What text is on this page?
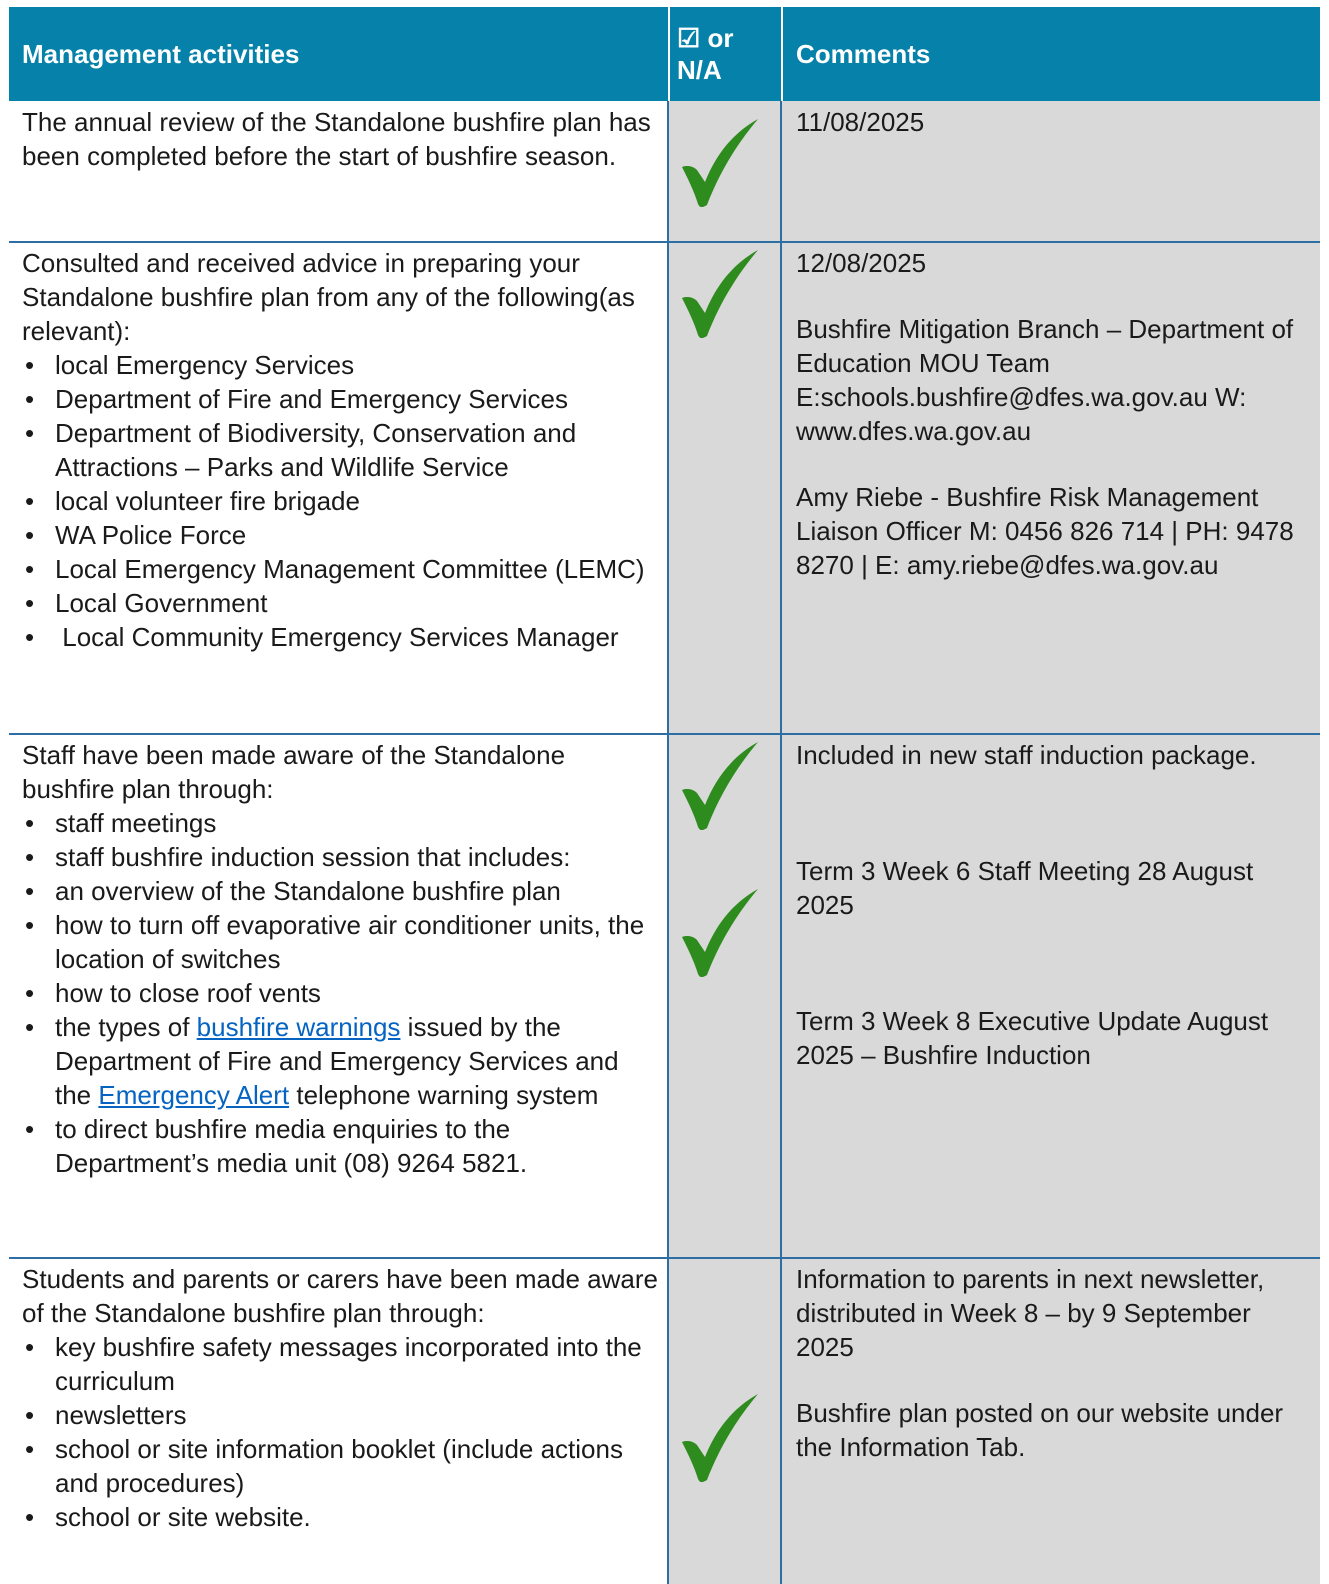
Management activities
☑ or
N/A
Comments

The annual review of the Standalone bushfire plan has been completed before the start of bushfire season.

11/08/2025

Consulted and received advice in preparing your Standalone bushfire plan from any of the following(as relevant):

• local Emergency Services
• Department of Fire and Emergency Services
• Department of Biodiversity, Conservation and Attractions – Parks and Wildlife Service
• local volunteer fire brigade
• WA Police Force
• Local Emergency Management Committee (LEMC)
• Local Government
•  Local Community Emergency Services Manager

12/08/2025

Bushfire Mitigation Branch – Department of Education MOU Team E:schools.bushfire@dfes.wa.gov.au W: www.dfes.wa.gov.au

Amy Riebe - Bushfire Risk Management Liaison Officer M: 0456 826 714 | PH: 9478 8270 | E: amy.riebe@dfes.wa.gov.au

Staff have been made aware of the Standalone bushfire plan through:

• staff meetings
• staff bushfire induction session that includes:
• an overview of the Standalone bushfire plan
• how to turn off evaporative air conditioner units, the location of switches
• how to close roof vents
• the types of bushfire warnings issued by the Department of Fire and Emergency Services and the Emergency Alert telephone warning system
• to direct bushfire media enquiries to the Department’s media unit (08) 9264 5821.

Included in new staff induction package.

Term 3 Week 6 Staff Meeting 28 August 2025

Term 3 Week 8 Executive Update August 2025 – Bushfire Induction

Students and parents or carers have been made aware of the Standalone bushfire plan through:

• key bushfire safety messages incorporated into the curriculum
• newsletters
• school or site information booklet (include actions and procedures)
• school or site website.

Information to parents in next newsletter, distributed in Week 8 – by 9 September 2025

Bushfire plan posted on our website under the Information Tab.
